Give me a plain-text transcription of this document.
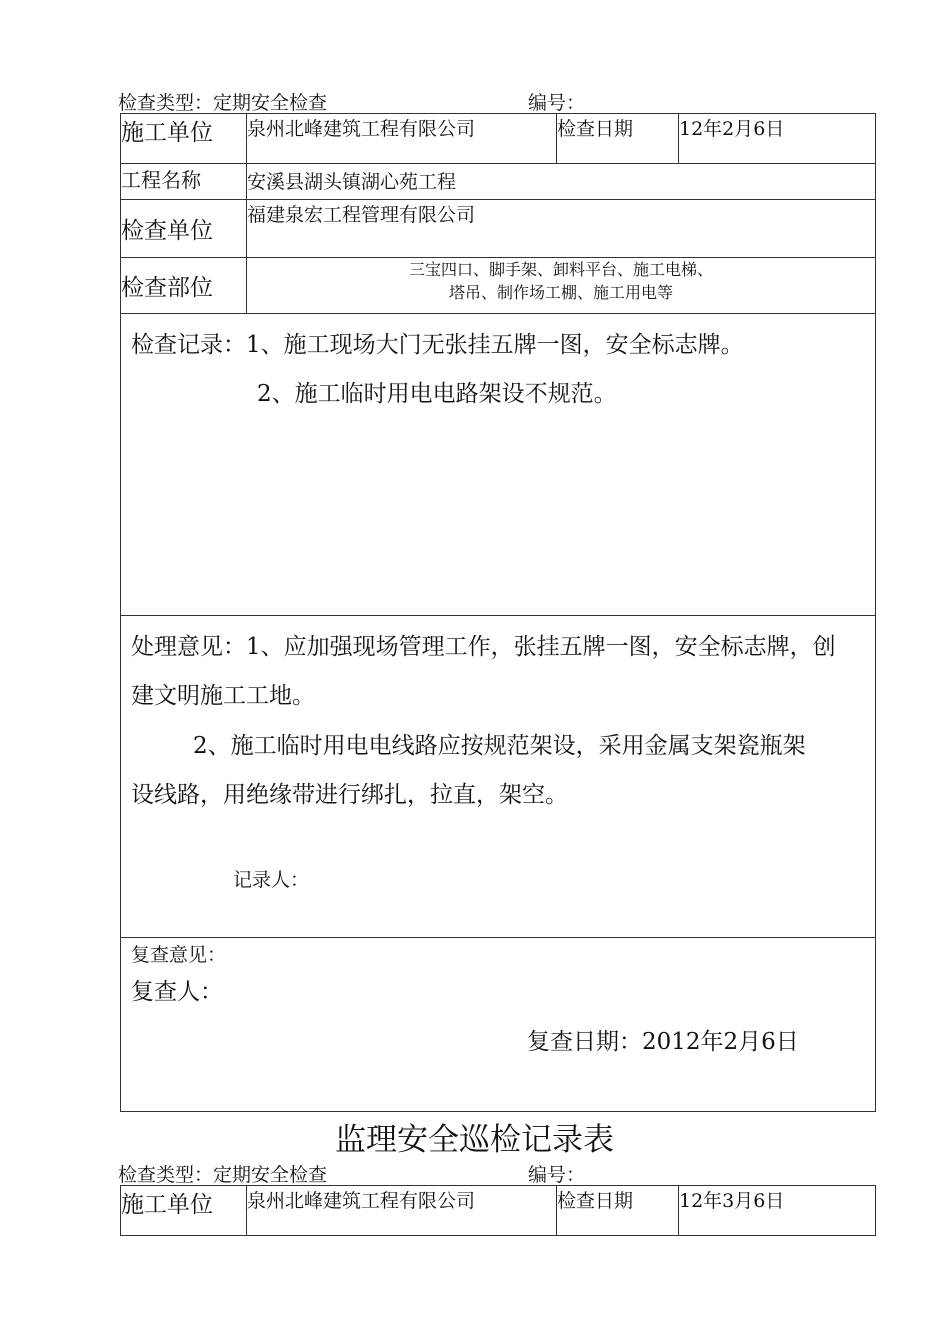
检查类型：定期安全检查	编号：
施工单位	泉州北峰建筑工程有限公司	检查日期	12年2月6日
工程名称	安溪县湖头镇湖心苑工程		
检查单位	福建泉宏工程管理有限公司		
检查部位	三宝四口、脚手架、卸料平台、施工电梯、
塔吊、制作场工棚、施工用电等		

检查记录：1、施工现场大门无张挂五牌一图，安全标志牌。
2、施工临时用电电路架设不规范。			

处理意见：1、应加强现场管理工作，张挂五牌一图，安全标志牌，创
建文明施工工地。
2、施工临时用电电线路应按规范架设，采用金属支架瓷瓶架
设线路，用绝缘带进行绑扎，拉直，架空。
记录人：			

复查意见：
复查人：
复查日期：2012年2月6日			
监理安全巡检记录表
检查类型：定期安全检查	编号：
施工单位	泉州北峰建筑工程有限公司	检查日期	12年3月6日
